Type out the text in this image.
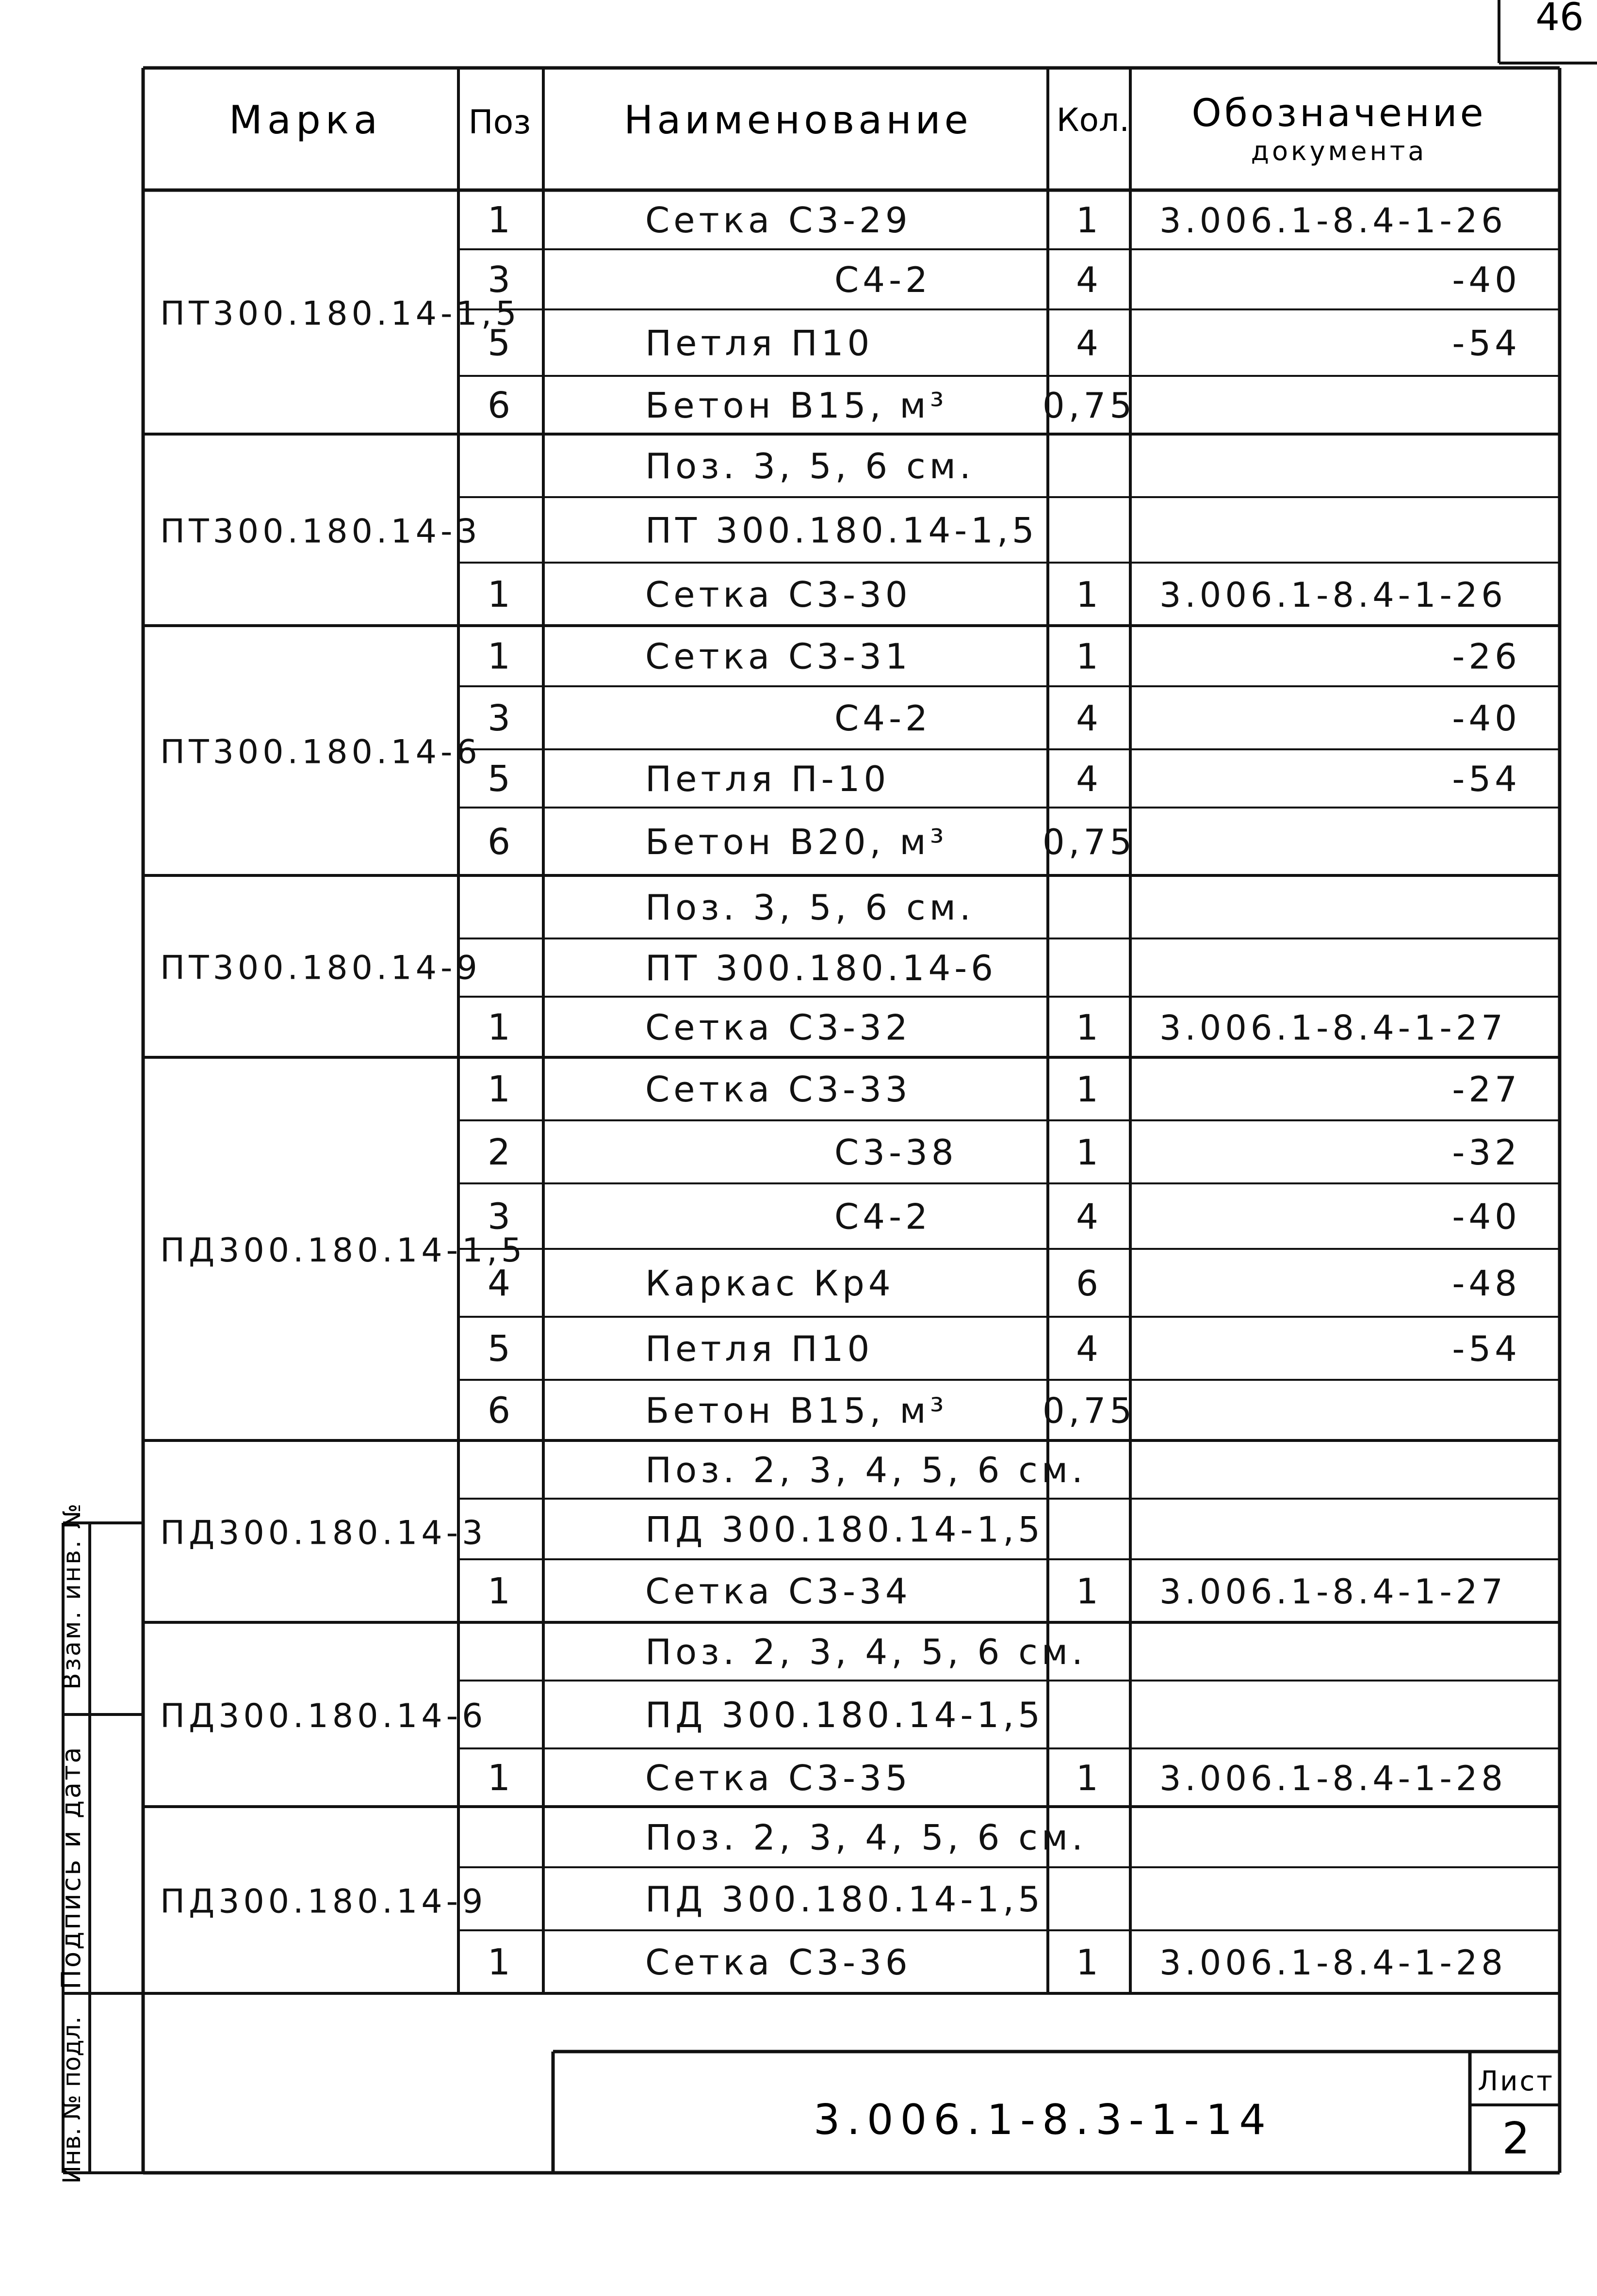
ПТ300.180.14-1,5
1	Сетка С3-29	1 3.006.1-8.4-1-26
3	С4-2	4	-40
5	Петля П10	4	-54
6	Бетон В15, м³	0,75
ПТ300.180.14-3
Поз. 3, 5, 6 см.
ПТ 300.180.14-1,5
1	Сетка С3-30	1 3.006.1-8.4-1-26
ПТ300.180.14-6
1	Сетка С3-31	1	-26
3	С4-2	4	-40
5	Петля П-10	4	-54
6	Бетон В20, м³	0,75
ПТ300.180.14-9
Поз. 3, 5, 6 см.
ПТ 300.180.14-6
1	Сетка С3-32	1 3.006.1-8.4-1-27
ПД300.180.14-1,5
1	Сетка С3-33	1	-27
2	С3-38	1	-32
3	С4-2	4	-40
4	Каркас Кр4	6	-48
5	Петля П10	4	-54
6	Бетон В15, м³	0,75
ПД300.180.14-3
Поз. 2, 3, 4, 5, 6 см.
ПД 300.180.14-1,5
1	Сетка С3-34	1 3.006.1-8.4-1-27
ПД300.180.14-6
Поз. 2, 3, 4, 5, 6 см.
ПД 300.180.14-1,5
1	Сетка С3-35	1 3.006.1-8.4-1-28
ПД300.180.14-9
Поз. 2, 3, 4, 5, 6 см.
ПД 300.180.14-1,5
1	Сетка С3-36	1 3.006.1-8.4-1-28
46
Марка	Поз Наименование	Кол. Обозначение
документа
3.006.1-8.3-1-14
Лист
2
Инв. № подл.
Подпись и дата
Взам. инв. №
